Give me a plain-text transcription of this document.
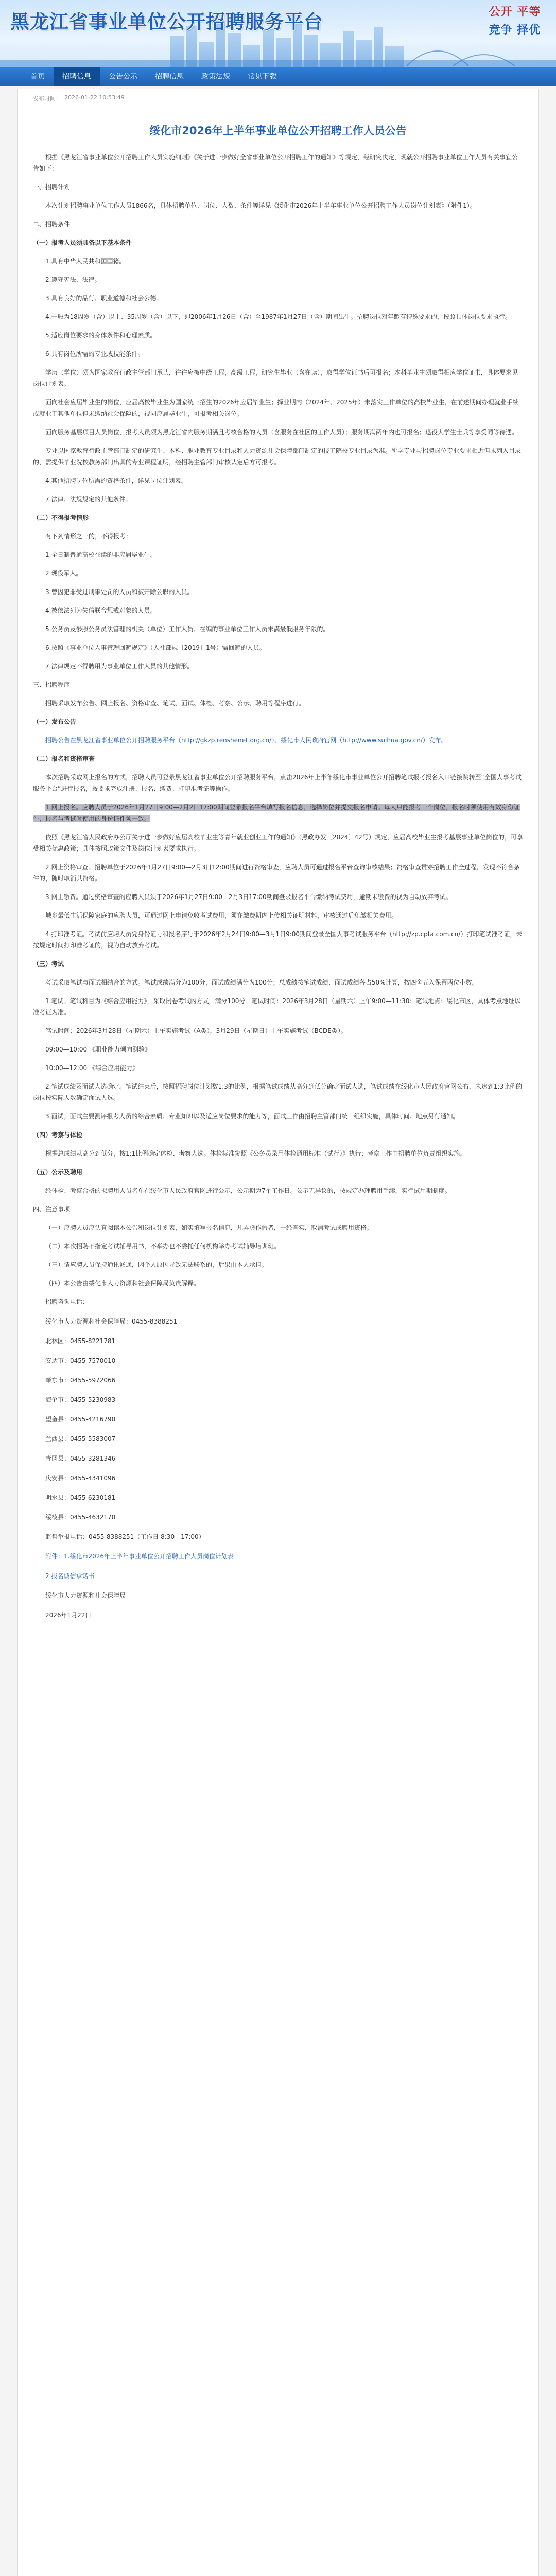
黑龙江省事业单位公开招聘服务平台	公开 平等
竞争 择优
首页	招聘信息	公告公示	招聘信息	政策法规	常见下载
发布时间： 2026-01-22 10:53:49
绥化市2026年上半年事业单位公开招聘工作人员公告

根据《黑龙江省事业单位公开招聘工作人员实施细则》《关于进一步做好全省事业单位公开招聘工作的通知》等规定，经研究决定，现就公开招聘事业单位工作人员有关事宜公告如下：

一、招聘计划

本次计划招聘事业单位工作人员1866名，具体招聘单位、岗位、人数、条件等详见《绥化市2026年上半年事业单位公开招聘工作人员岗位计划表》（附件1）。

二、招聘条件

（一）报考人员须具备以下基本条件

1.具有中华人民共和国国籍。

2.遵守宪法、法律。

3.具有良好的品行、职业道德和社会公德。

4.一般为18周岁（含）以上、35周岁（含）以下，即2006年1月26日（含）至1987年1月27日（含）期间出生。招聘岗位对年龄有特殊要求的，按照具体岗位要求执行。

5.适应岗位要求的身体条件和心理素质。

6.具有岗位所需的专业或技能条件。

学历（学位）须为国家教育行政主管部门承认，往往应被中级工程，高级工程，研究生毕业（含在读），取得学位证书后可报名；本科毕业生须取得相应学位证书，具体要求见岗位计划表。

面向社会应届毕业生的岗位，应届高校毕业生为国家统一招生的2026年应届毕业生；择业期内（2024年、2025年）未落实工作单位的高校毕业生，在前述期间办理就业手续或就业于其他单位但未缴纳社会保险的，视同应届毕业生，可报考相关岗位。

面向服务基层项目人员岗位，报考人员须为黑龙江省内服务期满且考核合格的人员（含服务在社区的工作人员）；服务期满两年内也可报名；退役大学生士兵等享受同等待遇。

专业以国家教育行政主管部门制定的研究生、本科、职业教育专业目录和人力资源社会保障部门制定的技工院校专业目录为准。所学专业与招聘岗位专业要求相近但未列入目录的，需提供毕业院校教务部门出具的专业课程证明，经招聘主管部门审核认定后方可报考。

4.其他招聘岗位所需的资格条件，详见岗位计划表。

7.法律、法规规定的其他条件。

（二）不得报考情形

有下列情形之一的，不得报考：

1.全日制普通高校在读的非应届毕业生。

2.现役军人。

3.曾因犯罪受过刑事处罚的人员和被开除公职的人员。

4.被依法列为失信联合惩戒对象的人员。

5.公务员及参照公务员法管理的机关（单位）工作人员、在编的事业单位工作人员未满最低服务年限的。

6.按照《事业单位人事管理回避规定》（人社部规〔2019〕1号）需回避的人员。

7.法律规定不得聘用为事业单位工作人员的其他情形。

三、招聘程序

招聘采取发布公告、网上报名、资格审查、笔试、面试、体检、考察、公示、聘用等程序进行。

（一）发布公告

招聘公告在黑龙江省事业单位公开招聘服务平台（http://gkzp.renshenet.org.cn/）、绥化市人民政府官网（http://www.suihua.gov.cn/）发布。

（二）报名和资格审查

本次招聘采取网上报名的方式，招聘人员可登录黑龙江省事业单位公开招聘服务平台，点击2026年上半年绥化市事业单位公开招聘笔试报考报名入口链接跳转至“全国人事考试服务平台”进行报名，按要求完成注册、报名、缴费、打印准考证等操作。

1.网上报名。应聘人员于2026年1月27日9:00—2月2日17:00期间登录报名平台填写报名信息，选择岗位并提交报名申请。每人只能报考一个岗位，报名时须使用有效身份证件，报名与考试时使用的身份证件须一致。

依照《黑龙江省人民政府办公厅关于进一步做好应届高校毕业生等青年就业创业工作的通知》（黑政办发〔2024〕42号）规定，应届高校毕业生报考基层事业单位岗位的，可享受相关优惠政策；具体按照政策文件及岗位计划表要求执行。

2.网上资格审查。招聘单位于2026年1月27日9:00—2月3日12:00期间进行资格审查，应聘人员可通过报名平台查询审核结果；资格审查贯穿招聘工作全过程，发现不符合条件的，随时取消其资格。

3.网上缴费。通过资格审查的应聘人员须于2026年1月27日9:00—2月3日17:00期间登录报名平台缴纳考试费用，逾期未缴费的视为自动放弃考试。

城乡最低生活保障家庭的应聘人员，可通过网上申请免收考试费用，须在缴费期内上传相关证明材料，审核通过后免缴相关费用。

4.打印准考证。考试前应聘人员凭身份证号和报名序号于2026年2月24日9:00—3月1日9:00期间登录全国人事考试服务平台（http://zp.cpta.com.cn/）打印笔试准考证，未按规定时间打印准考证的，视为自动放弃考试。

（三）考试

考试采取笔试与面试相结合的方式。笔试成绩满分为100分，面试成绩满分为100分；总成绩按笔试成绩、面试成绩各占50%计算，按四舍五入保留两位小数。

1.笔试。笔试科目为《综合应用能力》，采取闭卷考试的方式，满分100分。笔试时间：2026年3月28日（星期六）上午9:00—11:30；笔试地点：绥化市区，具体考点地址以准考证为准。

笔试时间：2026年3月28日（星期六）上午实施考试（A类），3月29日（星期日）上午实施考试（BCDE类）。

09:00—10:00 《职业能力倾向测验》

10:00—12:00 《综合应用能力》

2.笔试成绩及面试人选确定。笔试结束后，按照招聘岗位计划数1:3的比例，根据笔试成绩从高分到低分确定面试人选，笔试成绩在绥化市人民政府官网公布，未达到1:3比例的岗位按实际人数确定面试人选。

3.面试。面试主要测评报考人员的综合素质、专业知识以及适应岗位要求的能力等，面试工作由招聘主管部门统一组织实施，具体时间、地点另行通知。

（四）考察与体检

根据总成绩从高分到低分，按1:1比例确定体检、考察人选。体检标准参照《公务员录用体检通用标准（试行）》执行；考察工作由招聘单位负责组织实施。

（五）公示及聘用

经体检、考察合格的拟聘用人员名单在绥化市人民政府官网进行公示，公示期为7个工作日。公示无异议的，按规定办理聘用手续，实行试用期制度。

四、注意事项

（一）应聘人员应认真阅读本公告和岗位计划表，如实填写报名信息，凡弄虚作假者，一经查实，取消考试或聘用资格。

（二）本次招聘不指定考试辅导用书，不举办也不委托任何机构举办考试辅导培训班。

（三）请应聘人员保持通讯畅通，因个人原因导致无法联系的，后果由本人承担。

（四）本公告由绥化市人力资源和社会保障局负责解释。

招聘咨询电话：

绥化市人力资源和社会保障局：0455-8388251

北林区：0455-8221781

安达市：0455-7570010

肇东市：0455-5972066

海伦市：0455-5230983

望奎县：0455-4216790

兰西县：0455-5583007

青冈县：0455-3281346

庆安县：0455-4341096

明水县：0455-6230181

绥棱县：0455-4632170

监督举报电话：0455-8388251（工作日 8:30—17:00）

附件：1.绥化市2026年上半年事业单位公开招聘工作人员岗位计划表

2.报名诚信承诺书

绥化市人力资源和社会保障局

2026年1月22日
